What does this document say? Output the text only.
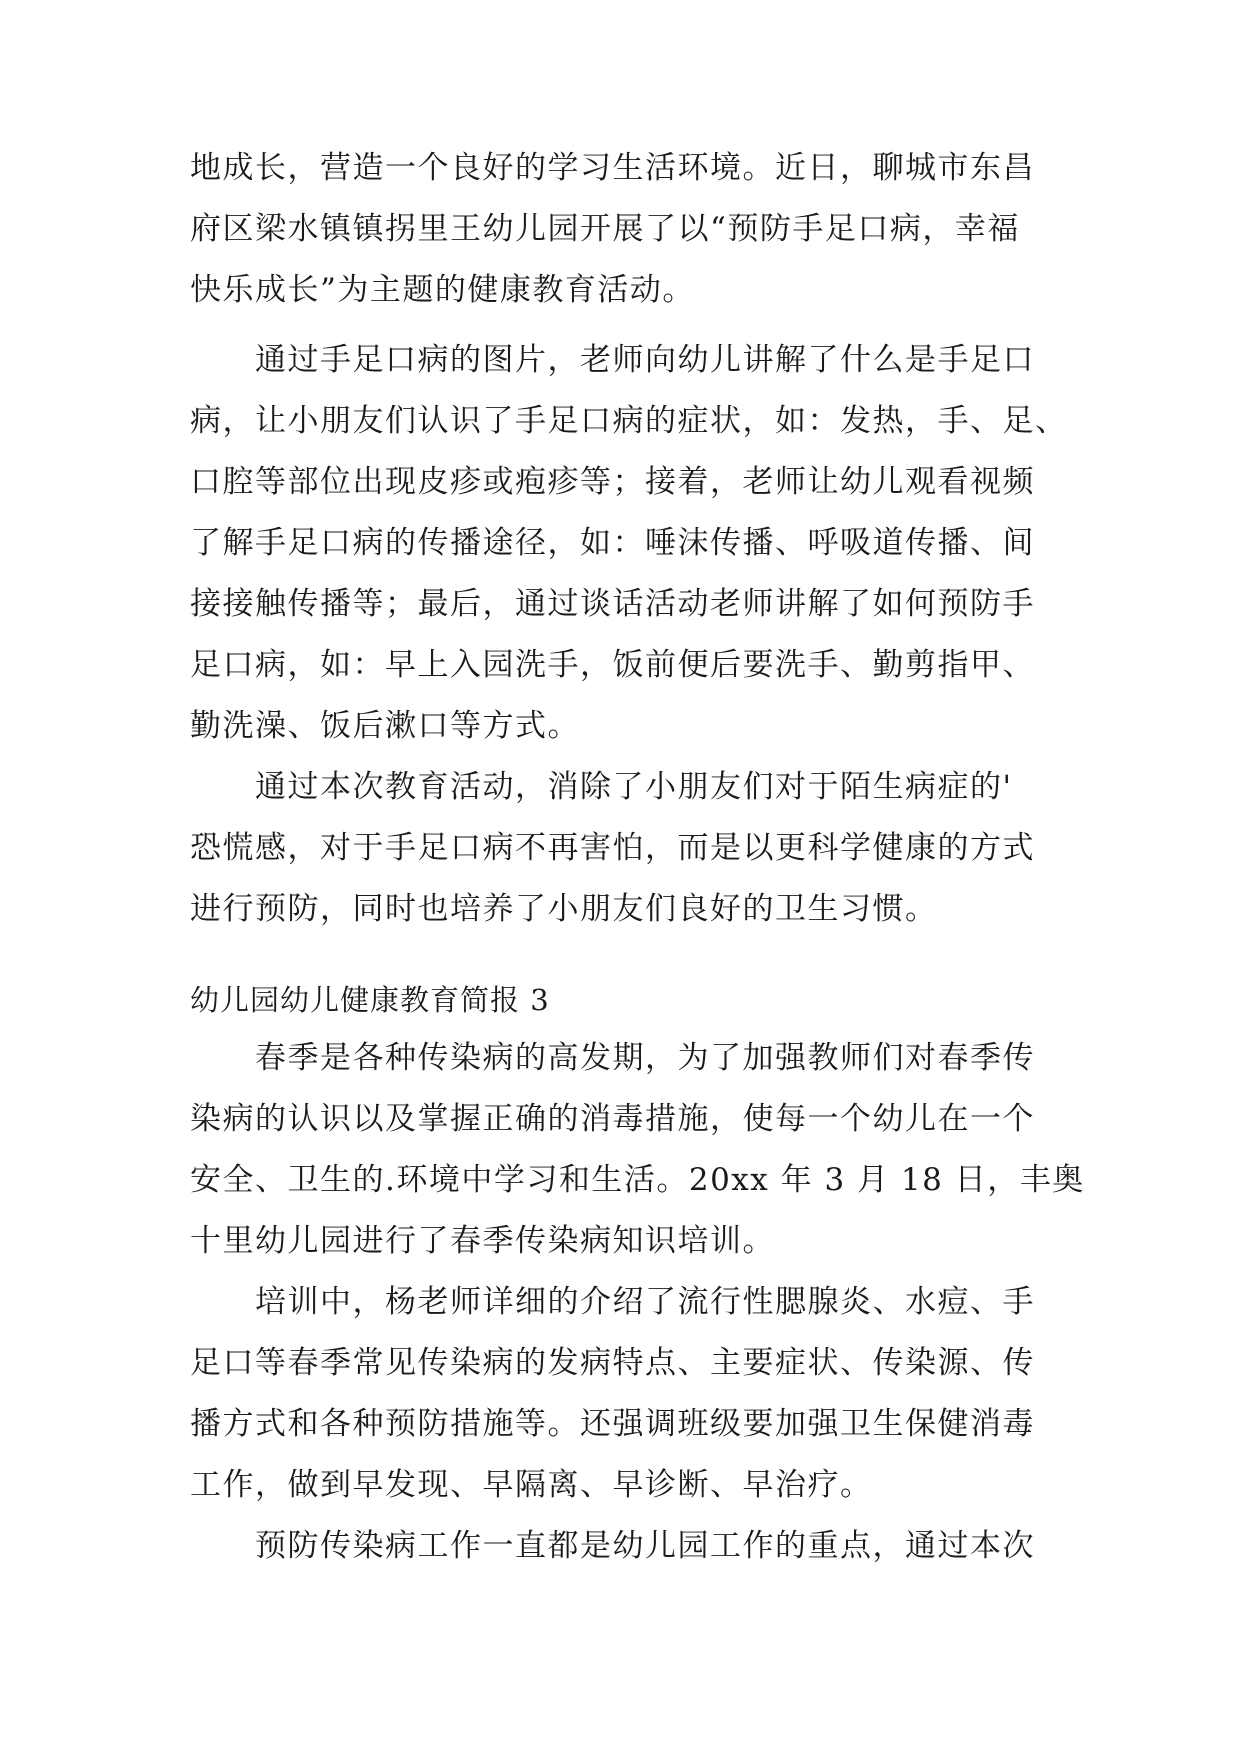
地成长，营造一个良好的学习生活环境。近日，聊城市东昌
府区梁水镇镇拐里王幼儿园开展了以“预防手足口病，幸福
快乐成长”为主题的健康教育活动。
通过手足口病的图片，老师向幼儿讲解了什么是手足口
病，让小朋友们认识了手足口病的症状，如：发热，手、足、
口腔等部位出现皮疹或疱疹等；接着，老师让幼儿观看视频
了解手足口病的传播途径，如：唾沫传播、呼吸道传播、间
接接触传播等；最后，通过谈话活动老师讲解了如何预防手
足口病，如：早上入园洗手，饭前便后要洗手、勤剪指甲、
勤洗澡、饭后漱口等方式。
通过本次教育活动，消除了小朋友们对于陌生病症的'
恐慌感，对于手足口病不再害怕，而是以更科学健康的方式
进行预防，同时也培养了小朋友们良好的卫生习惯。
幼儿园幼儿健康教育简报 3
春季是各种传染病的高发期，为了加强教师们对春季传
染病的认识以及掌握正确的消毒措施，使每一个幼儿在一个
安全、卫生的.环境中学习和生活。20xx 年 3 月 18 日，丰奥
十里幼儿园进行了春季传染病知识培训。
培训中，杨老师详细的介绍了流行性腮腺炎、水痘、手
足口等春季常见传染病的发病特点、主要症状、传染源、传
播方式和各种预防措施等。还强调班级要加强卫生保健消毒
工作，做到早发现、早隔离、早诊断、早治疗。
预防传染病工作一直都是幼儿园工作的重点，通过本次
